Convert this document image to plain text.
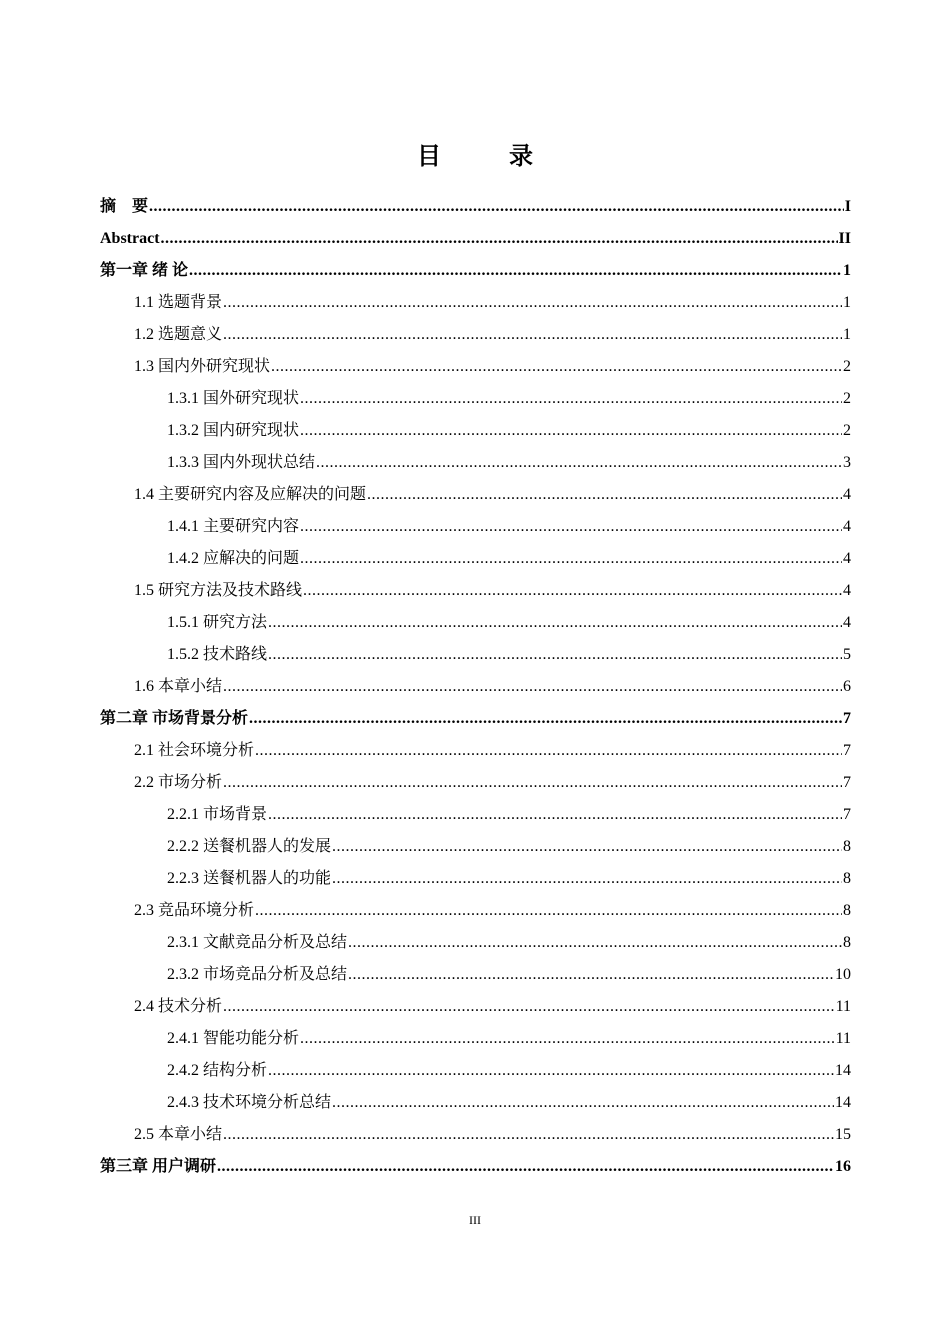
目　录
摘　要 .....	I
Abstract .....	II
第一章 绪 论 .....	1
1.1 选题背景 .....	1
1.2 选题意义 .....	1
1.3 国内外研究现状 .....	2
1.3.1 国外研究现状 .....	2
1.3.2 国内研究现状 .....	2
1.3.3 国内外现状总结 .....	3
1.4 主要研究内容及应解决的问题 .....	4
1.4.1 主要研究内容 .....	4
1.4.2 应解决的问题 .....	4
1.5 研究方法及技术路线 .....	4
1.5.1 研究方法 .....	4
1.5.2 技术路线 .....	5
1.6 本章小结 .....	6
第二章 市场背景分析 .....	7
2.1 社会环境分析 .....	7
2.2 市场分析 .....	7
2.2.1 市场背景 .....	7
2.2.2 送餐机器人的发展 .....	8
2.2.3 送餐机器人的功能 .....	8
2.3 竞品环境分析 .....	8
2.3.1 文献竞品分析及总结 .....	8
2.3.2 市场竞品分析及总结 .....	10
2.4 技术分析 .....	11
2.4.1 智能功能分析 .....	11
2.4.2 结构分析 .....	14
2.4.3 技术环境分析总结 .....	14
2.5 本章小结 .....	15
第三章 用户调研 .....	16
III
